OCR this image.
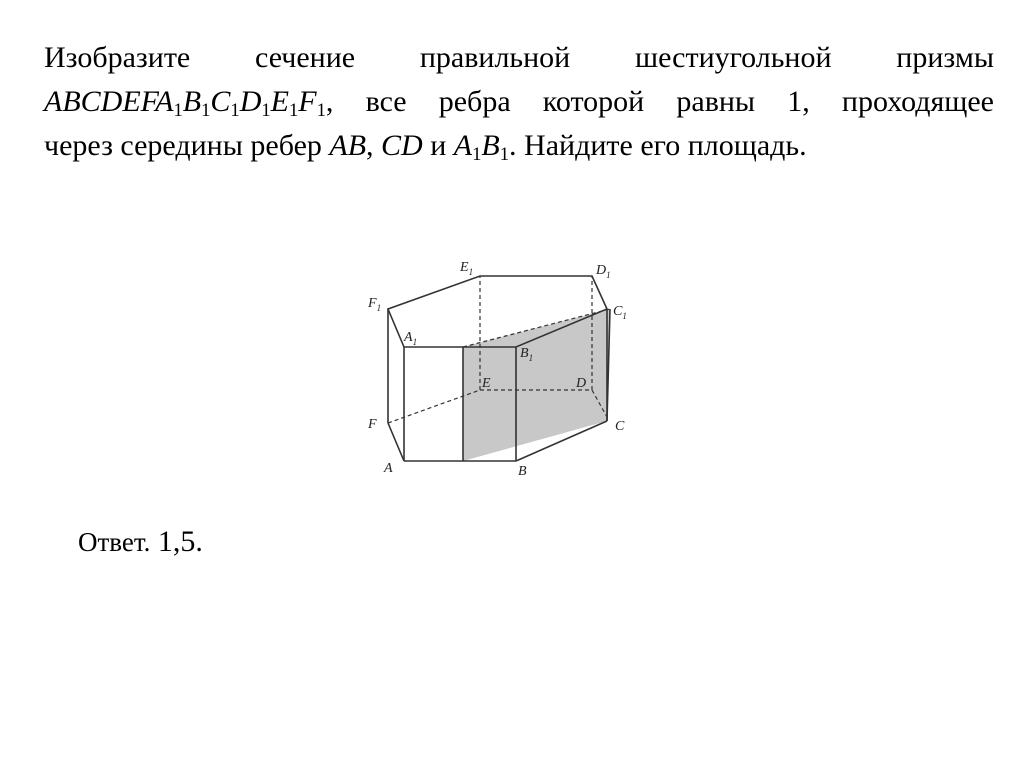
Изобразите сечение правильной шестиугольной призмы
$ABCDEFA_1B_1C_1D_1E_1F_1$, все ребра которой равны 1, проходящее
через середины ребер AB, CD и $A_1B_1$. Найдите его площадь.

A	B
C
D
E
F
$A_1$
$B_1$
$C_1$
$D_1$
$E_1$
$F_1$

Ответ. 1,5.
